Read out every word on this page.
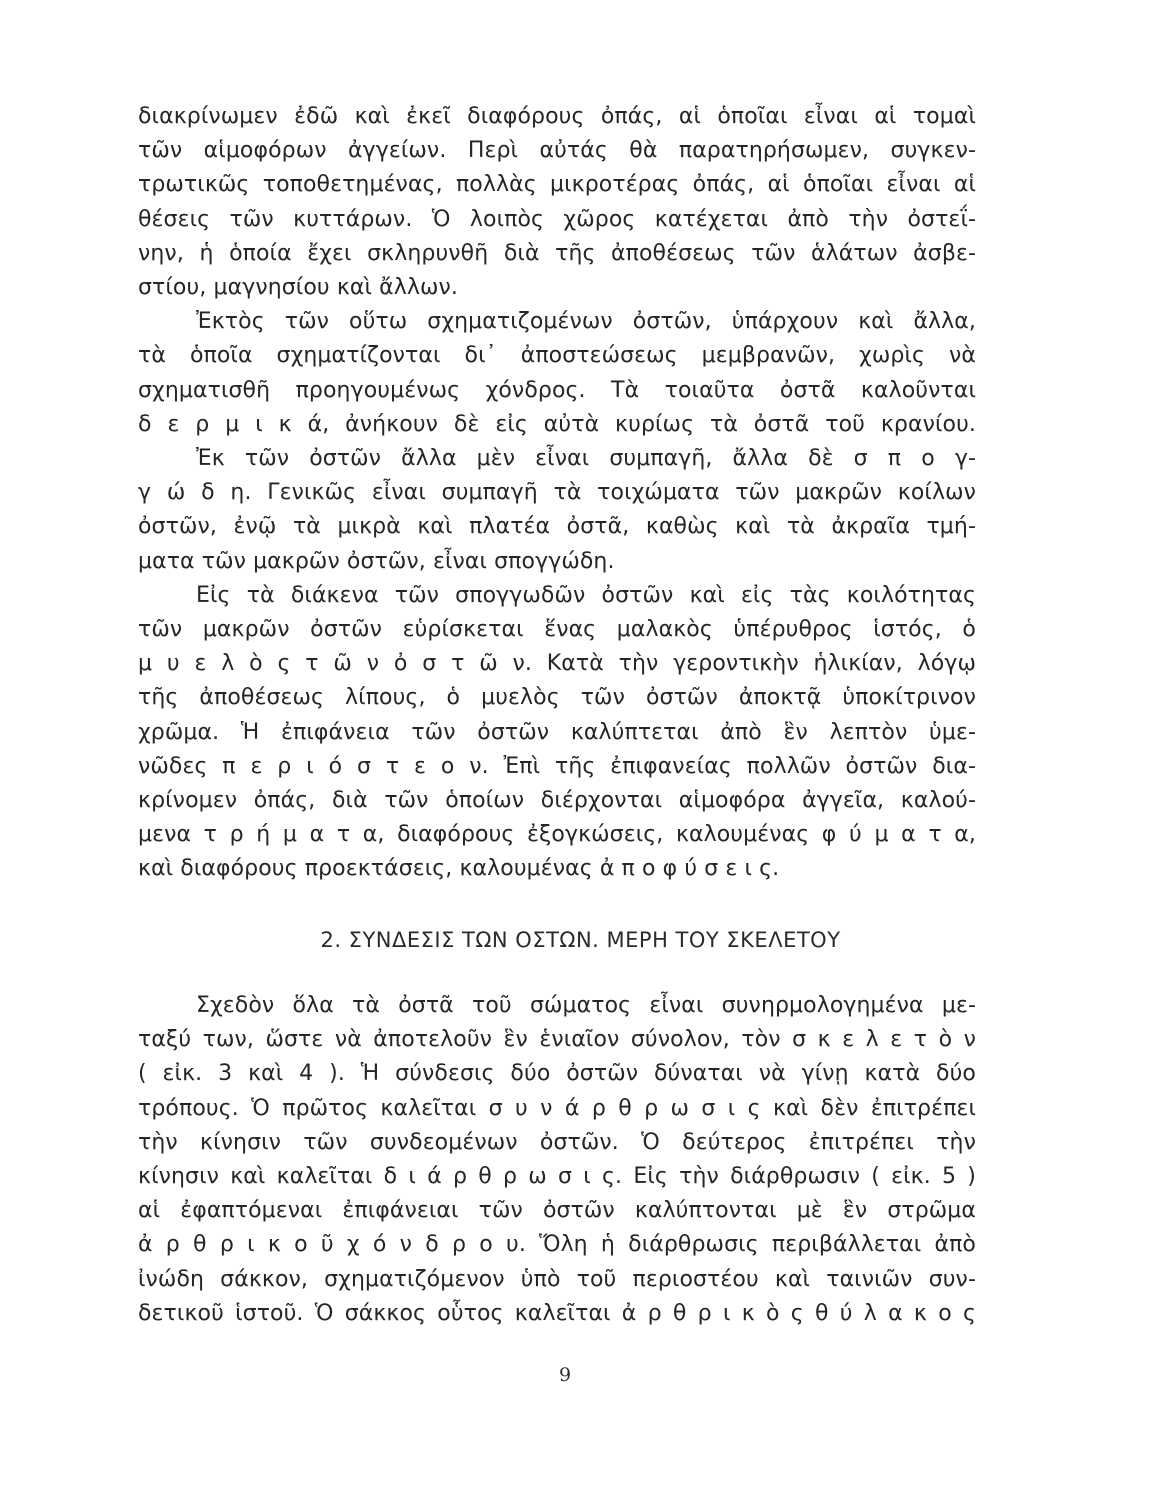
διακρίνωμεν ἐδῶ καὶ ἐκεῖ διαφόρους ὀπάς, αἱ ὁποῖαι εἶναι αἱ τομαὶ
τῶν αἱμοφόρων ἀγγείων. Περὶ αὐτάς θὰ παρατηρήσωμεν, συγκεν-
τρωτικῶς τοποθετημένας, πολλὰς μικροτέρας ὀπάς, αἱ ὁποῖαι εἶναι αἱ
θέσεις τῶν κυττάρων. Ὁ λοιπὸς χῶρος κατέχεται ἀπὸ τὴν ὀστεΐ-
νην, ἡ ὁποία ἔχει σκληρυνθῆ διὰ τῆς ἀποθέσεως τῶν ἁλάτων ἀσβε-
στίου, μαγνησίου καὶ ἄλλων.
Ἐκτὸς τῶν οὕτω σχηματιζομένων ὀστῶν, ὑπάρχουν καὶ ἄλλα,
τὰ ὁποῖα σχηματίζονται δι᾽ ἀποστεώσεως μεμβρανῶν, χωρὶς νὰ
σχηματισθῆ προηγουμένως χόνδρος. Τὰ τοιαῦτα ὀστᾶ καλοῦνται
δ ε ρ μ ι κ ά, ἀνήκουν δὲ εἰς αὐτὰ κυρίως τὰ ὀστᾶ τοῦ κρανίου.
Ἐκ τῶν ὀστῶν ἄλλα μὲν εἶναι συμπαγῆ, ἄλλα δὲ σ π ο γ-
γ ώ δ η. Γενικῶς εἶναι συμπαγῆ τὰ τοιχώματα τῶν μακρῶν κοίλων
ὀστῶν, ἐνῷ τὰ μικρὰ καὶ πλατέα ὀστᾶ, καθὼς καὶ τὰ ἀκραῖα τμή-
ματα τῶν μακρῶν ὀστῶν, εἶναι σπογγώδη.
Εἰς τὰ διάκενα τῶν σπογγωδῶν ὀστῶν καὶ εἰς τὰς κοιλότητας
τῶν μακρῶν ὀστῶν εὑρίσκεται ἕνας μαλακὸς ὑπέρυθρος ἱστός, ὁ
μ υ ε λ ὸ ς τ ῶ ν ὀ σ τ ῶ ν. Κατὰ τὴν γεροντικὴν ἡλικίαν, λόγῳ
τῆς ἀποθέσεως λίπους, ὁ μυελὸς τῶν ὀστῶν ἀποκτᾷ ὑποκίτρινον
χρῶμα. Ἡ ἐπιφάνεια τῶν ὀστῶν καλύπτεται ἀπὸ ἓν λεπτὸν ὑμε-
νῶδες π ε ρ ι ό σ τ ε ο ν. Ἐπὶ τῆς ἐπιφανείας πολλῶν ὀστῶν δια-
κρίνομεν ὀπάς, διὰ τῶν ὁποίων διέρχονται αἱμοφόρα ἀγγεῖα, καλού-
μενα τ ρ ή μ α τ α, διαφόρους ἐξογκώσεις, καλουμένας φ ύ μ α τ α,
καὶ διαφόρους προεκτάσεις, καλουμένας ἀ π ο φ ύ σ ε ι ς.
2. ΣΥΝΔΕΣΙΣ ΤΩΝ ΟΣΤΩΝ. ΜΕΡΗ ΤΟΥ ΣΚΕΛΕΤΟΥ
Σχεδὸν ὅλα τὰ ὀστᾶ τοῦ σώματος εἶναι συνηρμολογημένα με-
ταξύ των, ὥστε νὰ ἀποτελοῦν ἓν ἑνιαῖον σύνολον, τὸν σ κ ε λ ε τ ὸ ν
( εἰκ. 3 καὶ 4 ). Ἡ σύνδεσις δύο ὀστῶν δύναται νὰ γίνῃ κατὰ δύο
τρόπους. Ὁ πρῶτος καλεῖται σ υ ν ά ρ θ ρ ω σ ι ς καὶ δὲν ἐπιτρέπει
τὴν κίνησιν τῶν συνδεομένων ὀστῶν. Ὁ δεύτερος ἐπιτρέπει τὴν
κίνησιν καὶ καλεῖται δ ι ά ρ θ ρ ω σ ι ς. Εἰς τὴν διάρθρωσιν ( εἰκ. 5 )
αἱ ἐφαπτόμεναι ἐπιφάνειαι τῶν ὀστῶν καλύπτονται μὲ ἓν στρῶμα
ἀ ρ θ ρ ι κ ο ῦ χ ό ν δ ρ ο υ. Ὅλη ἡ διάρθρωσις περιβάλλεται ἀπὸ
ἰνώδη σάκκον, σχηματιζόμενον ὑπὸ τοῦ περιοστέου καὶ ταινιῶν συν-
δετικοῦ ἱστοῦ. Ὁ σάκκος οὗτος καλεῖται ἀ ρ θ ρ ι κ ὸ ς θ ύ λ α κ ο ς
9
